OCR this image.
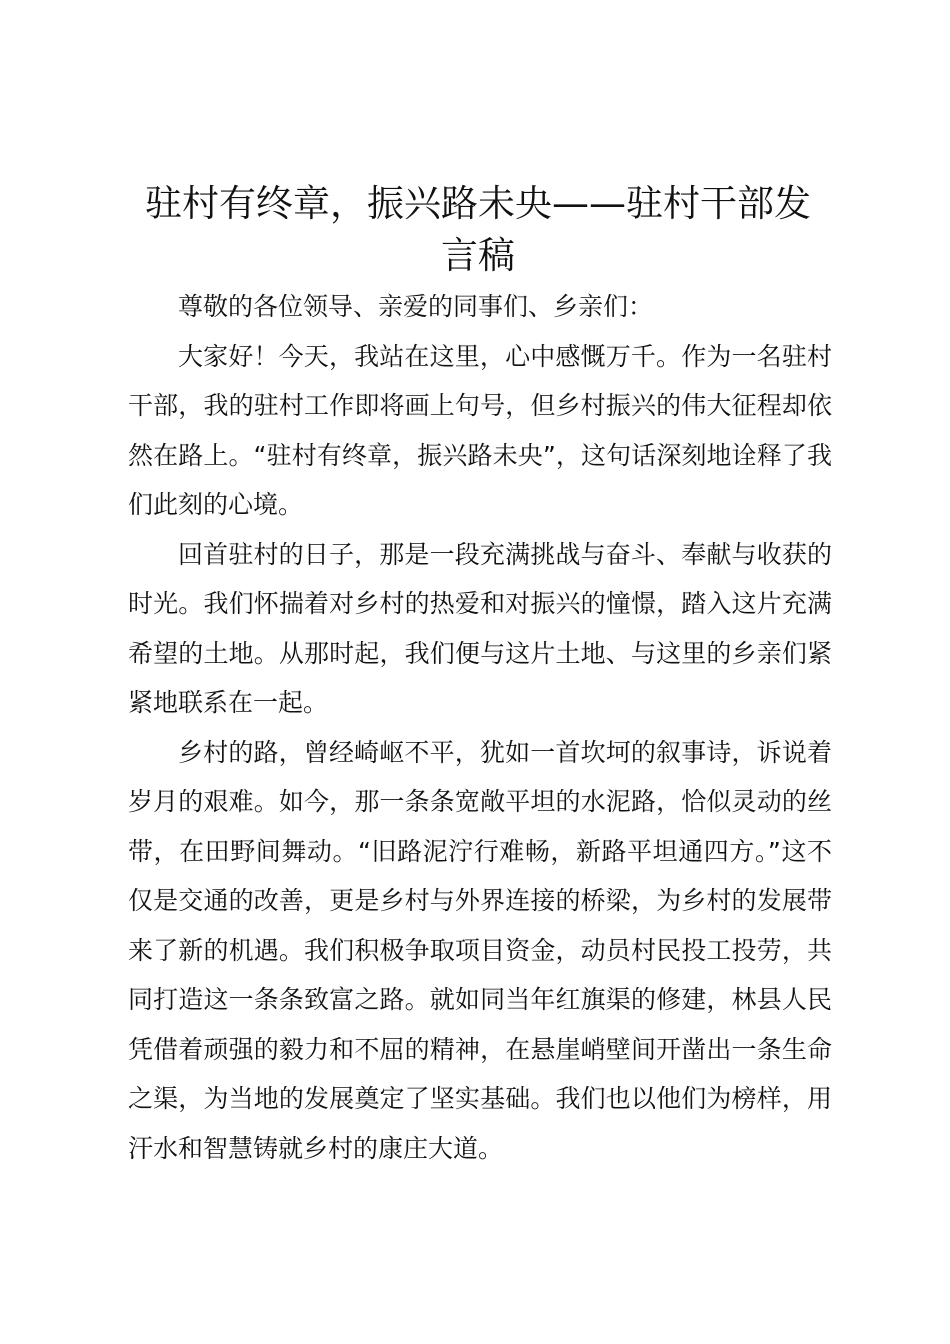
驻村有终章，振兴路未央——驻村干部发言稿

尊敬的各位领导、亲爱的同事们、乡亲们：

大家好！今天，我站在这里，心中感慨万千。作为一名驻村干部，我的驻村工作即将画上句号，但乡村振兴的伟大征程却依然在路上。“驻村有终章，振兴路未央”，这句话深刻地诠释了我们此刻的心境。

回首驻村的日子，那是一段充满挑战与奋斗、奉献与收获的时光。我们怀揣着对乡村的热爱和对振兴的憧憬，踏入这片充满希望的土地。从那时起，我们便与这片土地、与这里的乡亲们紧紧地联系在一起。

乡村的路，曾经崎岖不平，犹如一首坎坷的叙事诗，诉说着岁月的艰难。如今，那一条条宽敞平坦的水泥路，恰似灵动的丝带，在田野间舞动。“旧路泥泞行难畅，新路平坦通四方。”这不仅是交通的改善，更是乡村与外界连接的桥梁，为乡村的发展带来了新的机遇。我们积极争取项目资金，动员村民投工投劳，共同打造这一条条致富之路。就如同当年红旗渠的修建，林县人民凭借着顽强的毅力和不屈的精神，在悬崖峭壁间开凿出一条生命之渠，为当地的发展奠定了坚实基础。我们也以他们为榜样，用汗水和智慧铸就乡村的康庄大道。
